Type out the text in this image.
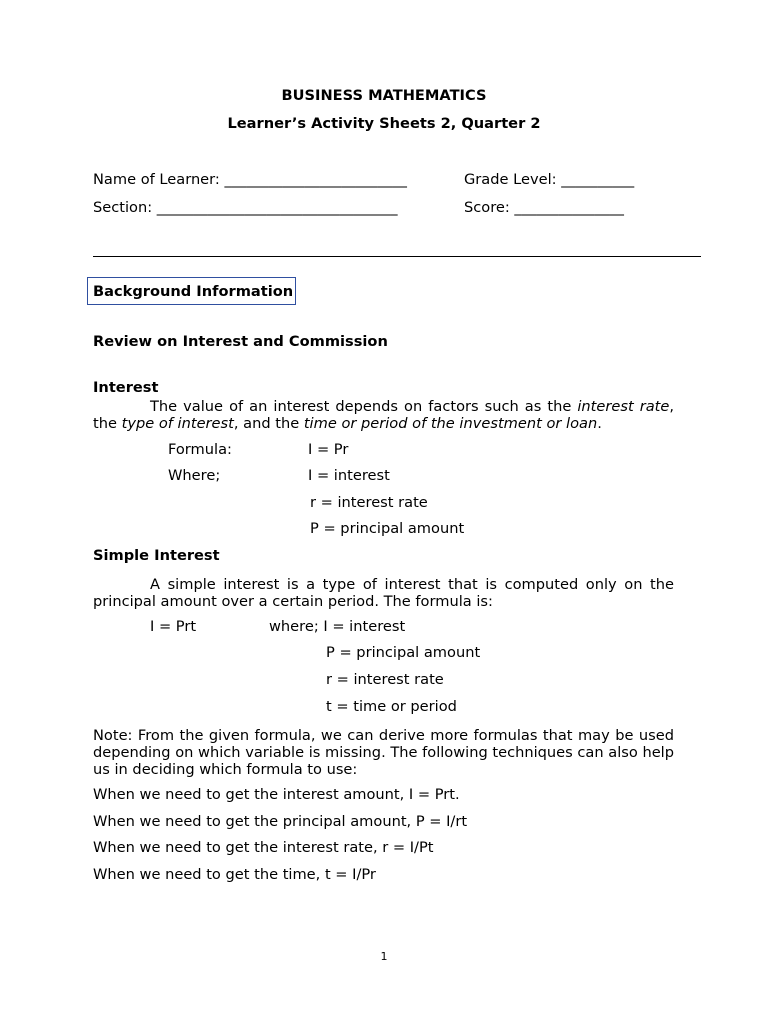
BUSINESS MATHEMATICS
Learner’s Activity Sheets 2, Quarter 2
Name of Learner: _________________________	Grade Level: __________
Section: _________________________________	Score: _______________
Background Information
Review on Interest and Commission
Interest
The value of an interest depends on factors such as the interest rate, the type of interest, and the time or period of the investment or loan.
Formula:	I = Pr
Where;	I = interest
r = interest rate
P = principal amount
Simple Interest
A simple interest is a type of interest that is computed only on the principal amount over a certain period. The formula is:
I = Prt	where; I = interest
P = principal amount
r = interest rate
t = time or period
Note: From the given formula, we can derive more formulas that may be used depending on which variable is missing. The following techniques can also help us in deciding which formula to use:
When we need to get the interest amount, I = Prt.
When we need to get the principal amount, P = I/rt
When we need to get the interest rate, r = I/Pt
When we need to get the time, t = I/Pr
1
